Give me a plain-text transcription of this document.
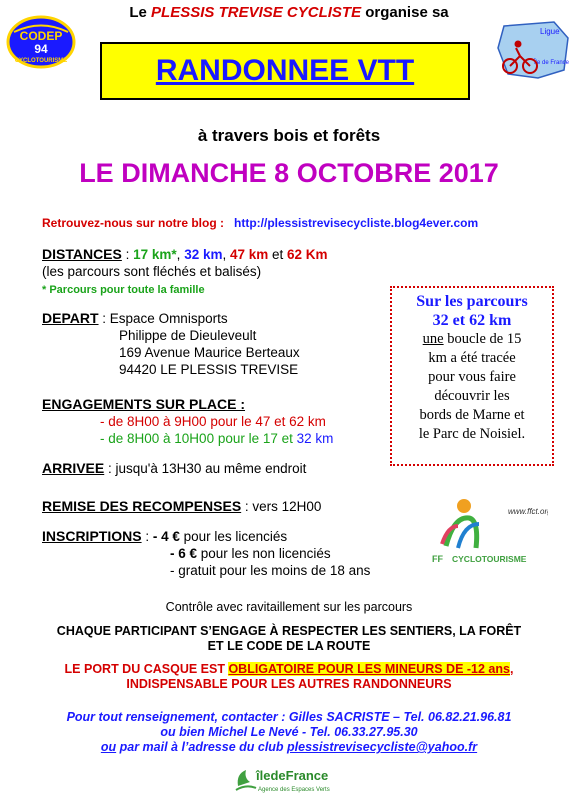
Le PLESSIS TREVISE CYCLISTE organise sa
CODEP
94
CYCLOTOURISME
Ligue
Île de France
RANDONNEE VTT
à travers bois et forêts
LE DIMANCHE 8 OCTOBRE 2017
Retrouvez-nous sur notre blog : http://plessistrevisecycliste.blog4ever.com
DISTANCES : 17 km*, 32 km, 47 km et 62 Km
(les parcours sont fléchés et balisés)
* Parcours pour toute la famille
DEPART : Espace Omnisports
Philippe de Dieuleveult
169 Avenue Maurice Berteaux
94420 LE PLESSIS TREVISE
ENGAGEMENTS SUR PLACE :
- de 8H00 à 9H00 pour le 47 et 62 km
- de 8H00 à 10H00 pour le 17 et 32 km
ARRIVEE : jusqu'à 13H30 au même endroit
REMISE DES RECOMPENSES : vers 12H00
INSCRIPTIONS : - 4 € pour les licenciés
- 6 € pour les non licenciés
- gratuit pour les moins de 18 ans
Sur les parcours
32 et 62 km
une boucle de 15
km a été tracée
pour vous faire
découvrir les
bords de Marne et
le Parc de Noisiel.
www.ffct.org
FF CYCLOTOURISME
Contrôle avec ravitaillement sur les parcours
CHAQUE PARTICIPANT S’ENGAGE À RESPECTER LES SENTIERS, LA FORÊT
ET LE CODE DE LA ROUTE
LE PORT DU CASQUE EST OBLIGATOIRE POUR LES MINEURS DE -12 ans,
INDISPENSABLE POUR LES AUTRES RANDONNEURS
Pour tout renseignement, contacter : Gilles SACRISTE – Tel. 06.82.21.96.81
ou bien Michel Le Nevé - Tel. 06.33.27.95.30
ou par mail à l’adresse du club plessistrevisecycliste@yahoo.fr
îledeFrance
Agence des Espaces Verts
